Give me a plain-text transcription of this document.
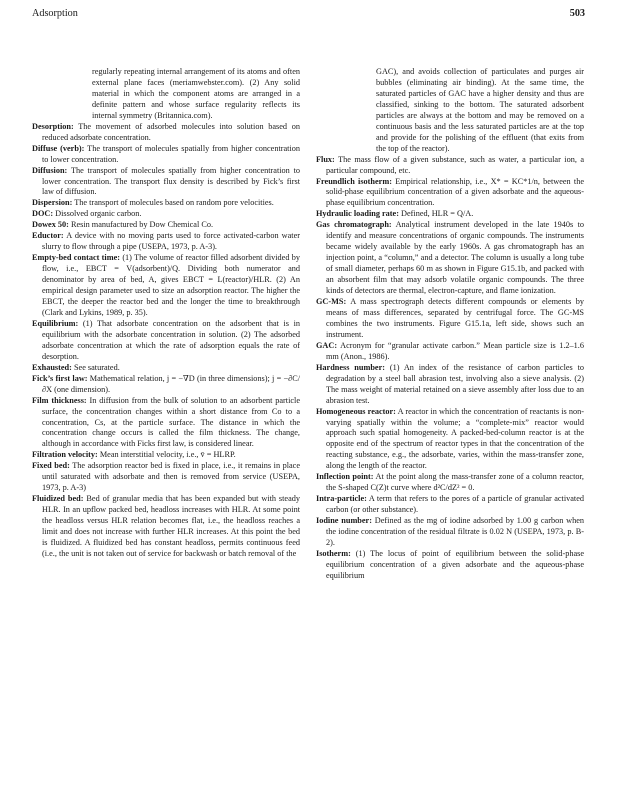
Adsorption	503

regularly repeating internal arrangement of its atoms and often external plane faces (meriamwebster.com). (2) Any solid material in which the component atoms are arranged in a definite pattern and whose surface regularity reflects its internal symmetry (Britannica.com).

Desorption: The movement of adsorbed molecules into solution based on reduced adsorbate concentration.

Diffuse (verb): The transport of molecules spatially from higher concentration to lower concentration.

Diffusion: The transport of molecules spatially from higher concentration to lower concentration. The transport flux density is described by Fick’s first law of diffusion.

Dispersion: The transport of molecules based on random pore velocities.

DOC: Dissolved organic carbon.

Dowex 50: Resin manufactured by Dow Chemical Co.

Eductor: A device with no moving parts used to force activated-carbon water slurry to flow through a pipe (USEPA, 1973, p. A-3).

Empty-bed contact time: (1) The volume of reactor filled adsorbent divided by flow, i.e., EBCT = V(adsorbent)/Q. Dividing both numerator and denominator by area of bed, A, gives EBCT = L(reactor)/HLR. (2) An empirical design parameter used to size an adsorption reactor. The higher the EBCT, the deeper the reactor bed and the longer the time to breakthrough (Clark and Lykins, 1989, p. 35).

Equilibrium: (1) That adsorbate concentration on the adsorbent that is in equilibrium with the adsorbate concentration in solution. (2) The adsorbed adsorbate concentration at which the rate of adsorption equals the rate of desorption.

Exhausted: See saturated.

Fick’s first law: Mathematical relation, j = −∇D (in three dimensions); j = −∂C/∂X (one dimension).

Film thickness: In diffusion from the bulk of solution to an adsorbent particle surface, the concentration changes within a short distance from Co to a concentration, Cs, at the particle surface. The distance in which the concentration change occurs is called the film thickness. The change, although in accordance with Ficks first law, is considered linear.

Filtration velocity: Mean interstitial velocity, i.e., v̄ = HLRP.

Fixed bed: The adsorption reactor bed is fixed in place, i.e., it remains in place until saturated with adsorbate and then is removed from service (USEPA, 1973, p. A-3)

Fluidized bed: Bed of granular media that has been expanded but with steady HLR. In an upflow packed bed, headloss increases with HLR. At some point the headloss versus HLR relation becomes flat, i.e., the headloss reaches a limit and does not increase with further HLR increases. At this point the bed is fluidized. A fluidized bed has constant headloss, permits continuous feed (i.e., the unit is not taken out of service for backwash or batch removal of the

GAC), and avoids collection of particulates and purges air bubbles (eliminating air binding). At the same time, the saturated particles of GAC have a higher density and thus are classified, sinking to the bottom. The saturated adsorbent particles are always at the bottom and may be removed on a continuous basis and the less saturated particles are at the top and provide for the polishing of the effluent (that exits from the top of the reactor).

Flux: The mass flow of a given substance, such as water, a particular ion, a particular compound, etc.

Freundlich isotherm: Empirical relationship, i.e., X* = KC*1/n, between the solid-phase equilibrium concentration of a given adsorbate and the aqueous-phase equilibrium concentration.

Hydraulic loading rate: Defined, HLR = Q/A.

Gas chromatograph: Analytical instrument developed in the late 1940s to identify and measure concentrations of organic compounds. The instruments became widely available by the early 1960s. A gas chromatograph has an injection point, a “column,” and a detector. The column is usually a long tube of small diameter, perhaps 60 m as shown in Figure G15.1b, and packed with an absorbent film that may adsorb volatile organic compounds. The three kinds of detectors are thermal, electron-capture, and flame ionization.

GC-MS: A mass spectrograph detects different compounds or elements by means of mass differences, separated by centrifugal force. The GC-MS combines the two instruments. Figure G15.1a, left side, shows such an instrument.

GAC: Acronym for “granular activate carbon.” Mean particle size is 1.2–1.6 mm (Anon., 1986).

Hardness number: (1) An index of the resistance of carbon particles to degradation by a steel ball abrasion test, involving also a sieve analysis. (2) The mass weight of material retained on a sieve assembly after loss due to an abrasion test.

Homogeneous reactor: A reactor in which the concentration of reactants is non-varying spatially within the volume; a “complete-mix” reactor would approach such spatial homogeneity. A packed-bed-column reactor is at the opposite end of the spectrum of reactor types in that the concentration of the reacting substance, e.g., the adsorbate, varies, within the mass-transfer zone, along the length of the reactor.

Inflection point: At the point along the mass-transfer zone of a column reactor, the S-shaped C(Z)t curve where d²C/dZ² = 0.

Intra-particle: A term that refers to the pores of a particle of granular activated carbon (or other substance).

Iodine number: Defined as the mg of iodine adsorbed by 1.00 g carbon when the iodine concentration of the residual filtrate is 0.02 N (USEPA, 1973, p. B-2).

Isotherm: (1) The locus of point of equilibrium between the solid-phase equilibrium concentration of a given adsorbate and the aqueous-phase equilibrium
